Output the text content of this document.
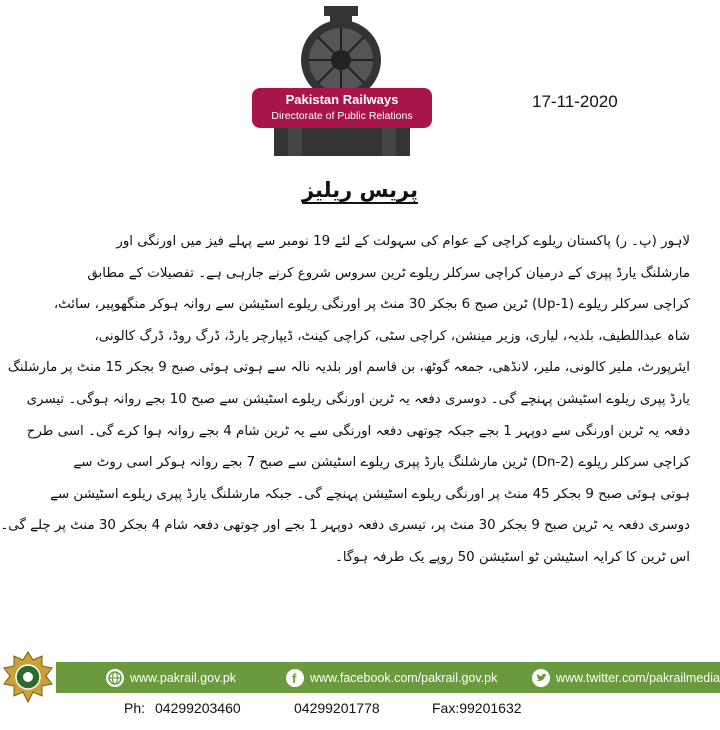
Pakistan Railways
Directorate of Public Relations
17-11-2020
پریس ریلیز
لاہور (پ۔ ر) پاکستان ریلوے کراچی کے عوام کی سہولت کے لئے 19 نومبر سے پہلے فیز میں اورنگی اور
مارشلنگ یارڈ پپری کے درمیان کراچی سرکلر ریلوے ٹرین سروس شروع کرنے جارہی ہے۔ تفصیلات کے مطابق
کراچی سرکلر ریلوے (1-Up) ٹرین صبح 6 بجکر 30 منٹ پر اورنگی ریلوے اسٹیشن سے روانہ ہوکر منگھوپیر، سائٹ،
شاہ عبداللطیف، بلدیہ، لیاری، وزیر مینشن، کراچی سٹی، کراچی کینٹ، ڈیپارچر یارڈ، ڈرگ روڈ، ڈرگ کالونی،
ایئرپورٹ، ملیر کالونی، ملیر، لانڈھی، جمعہ گوٹھ، بن قاسم اور بلدیہ نالہ سے ہوتی ہوئی صبح 9 بجکر 15 منٹ پر مارشلنگ
یارڈ پپری ریلوے اسٹیشن پہنچے گی۔ دوسری دفعہ یہ ٹرین اورنگی ریلوے اسٹیشن سے صبح 10 بجے روانہ ہوگی۔ تیسری
دفعہ یہ ٹرین اورنگی سے دوپہر 1 بجے جبکہ چوتھی دفعہ اورنگی سے یہ ٹرین شام 4 بجے روانہ ہوا کرے گی۔ اسی طرح
کراچی سرکلر ریلوے (2-Dn) ٹرین مارشلنگ یارڈ پپری ریلوے اسٹیشن سے صبح 7 بجے روانہ ہوکر اسی روٹ سے
ہوتی ہوئی صبح 9 بجکر 45 منٹ پر اورنگی ریلوے اسٹیشن پہنچے گی۔ جبکہ مارشلنگ یارڈ پپری ریلوے اسٹیشن سے
دوسری دفعہ یہ ٹرین صبح 9 بجکر 30 منٹ پر، تیسری دفعہ دوپہر 1 بجے اور چوتھی دفعہ شام 4 بجکر 30 منٹ پر چلے گی۔
اس ٹرین کا کرایہ اسٹیشن ٹو اسٹیشن 50 روپے یک طرفہ ہوگا۔
www.pakrail.gov.pk	f www.facebook.com/pakrail.gov.pk	www.twitter.com/pakrailmedia
Ph: 04299203460	04299201778	Fax:99201632
